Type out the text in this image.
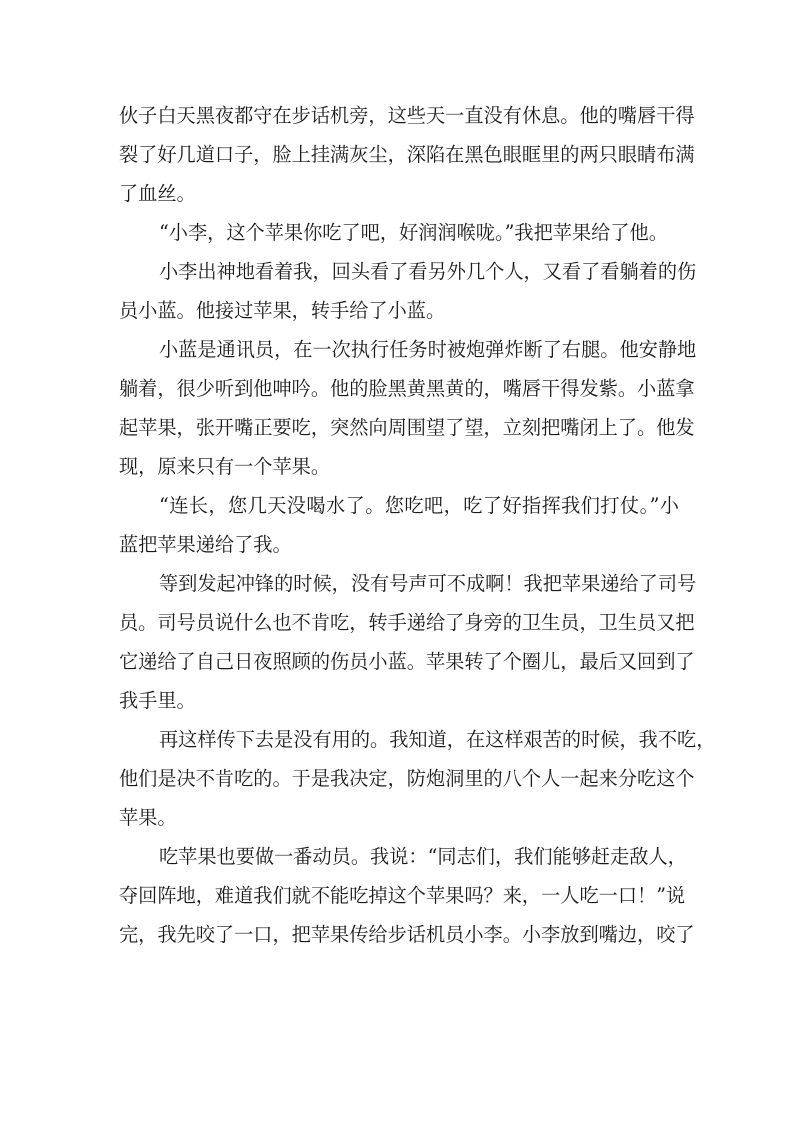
伙子白天黑夜都守在步话机旁，这些天一直没有休息。他的嘴唇干得
裂了好几道口子，脸上挂满灰尘，深陷在黑色眼眶里的两只眼睛布满
了血丝。
“小李，这个苹果你吃了吧，好润润喉咙。”我把苹果给了他。
小李出神地看着我，回头看了看另外几个人，又看了看躺着的伤
员小蓝。他接过苹果，转手给了小蓝。
小蓝是通讯员，在一次执行任务时被炮弹炸断了右腿。他安静地
躺着，很少听到他呻吟。他的脸黑黄黑黄的，嘴唇干得发紫。小蓝拿
起苹果，张开嘴正要吃，突然向周围望了望，立刻把嘴闭上了。他发
现，原来只有一个苹果。
“连长，您几天没喝水了。您吃吧，吃了好指挥我们打仗。”小
蓝把苹果递给了我。
等到发起冲锋的时候，没有号声可不成啊！我把苹果递给了司号
员。司号员说什么也不肯吃，转手递给了身旁的卫生员，卫生员又把
它递给了自己日夜照顾的伤员小蓝。苹果转了个圈儿，最后又回到了
我手里。
再这样传下去是没有用的。我知道，在这样艰苦的时候，我不吃，
他们是决不肯吃的。于是我决定，防炮洞里的八个人一起来分吃这个
苹果。
吃苹果也要做一番动员。我说：“同志们，我们能够赶走敌人，
夺回阵地，难道我们就不能吃掉这个苹果吗？来，一人吃一口！”说
完，我先咬了一口，把苹果传给步话机员小李。小李放到嘴边，咬了
